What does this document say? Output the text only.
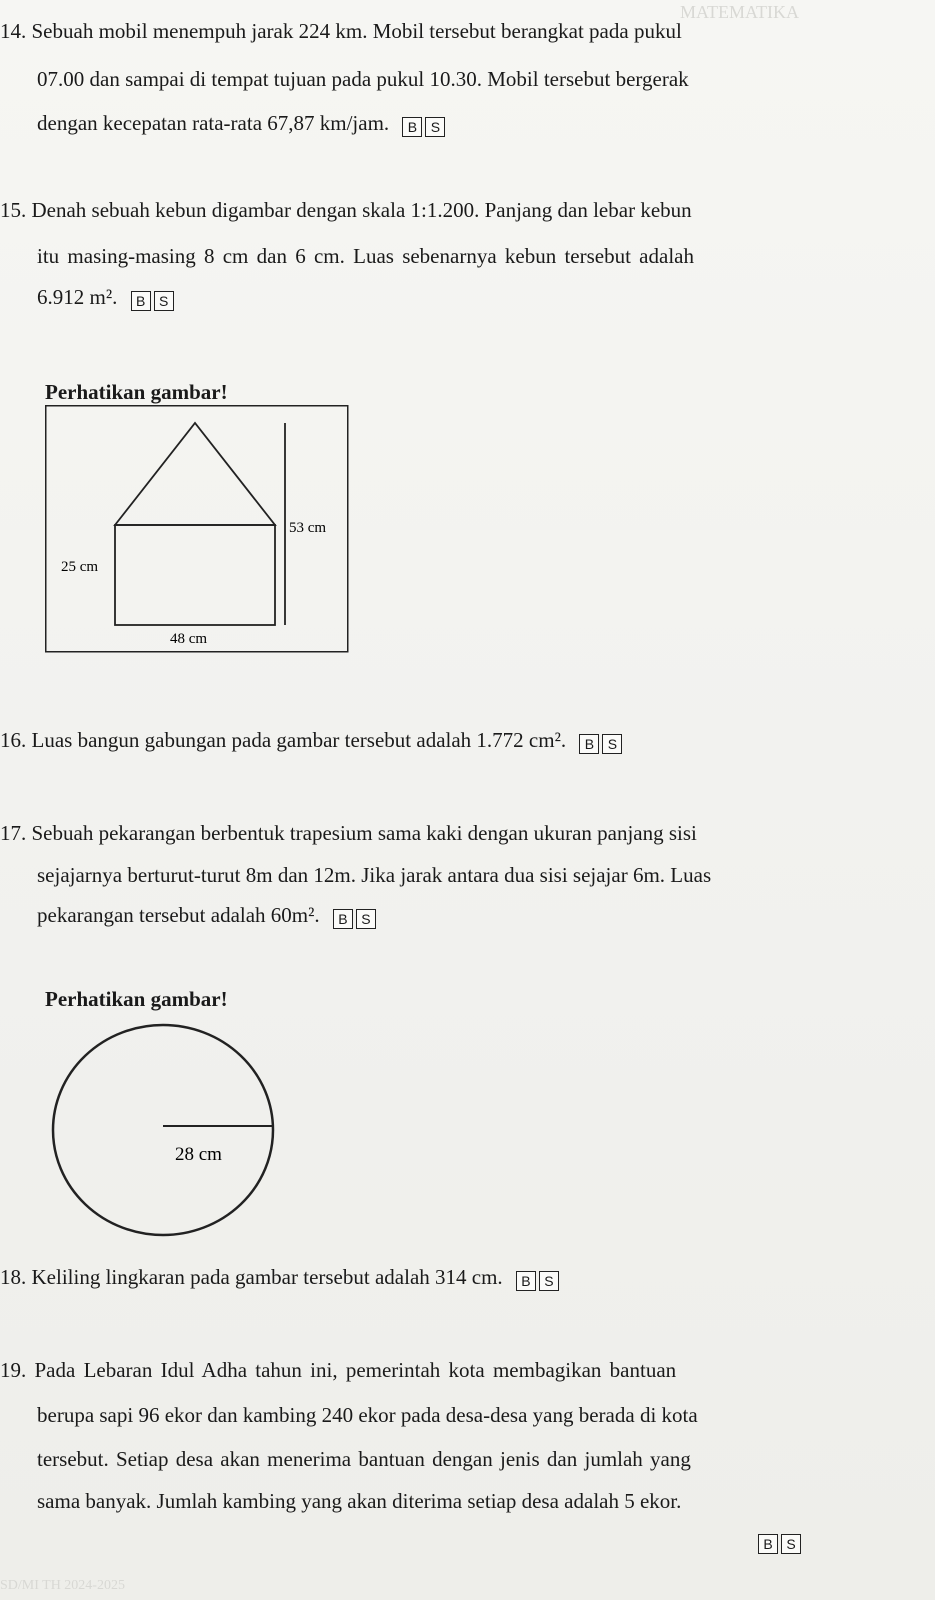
MATEMATIKA
SD/MI TH 2024-2025
14. Sebuah mobil menempuh jarak 224 km. Mobil tersebut berangkat pada pukul
07.00 dan sampai di tempat tujuan pada pukul 10.30. Mobil tersebut bergerak
dengan kecepatan rata-rata 67,87 km/jam. B S
15. Denah sebuah kebun digambar dengan skala 1:1.200. Panjang dan lebar kebun
itu masing-masing 8 cm dan 6 cm. Luas sebenarnya kebun tersebut adalah
6.912 m². B S
Perhatikan gambar!
53 cm
25 cm
48 cm
16. Luas bangun gabungan pada gambar tersebut adalah 1.772 cm². B S
17. Sebuah pekarangan berbentuk trapesium sama kaki dengan ukuran panjang sisi
sejajarnya berturut-turut 8m dan 12m. Jika jarak antara dua sisi sejajar 6m. Luas
pekarangan tersebut adalah 60m². B S
Perhatikan gambar!
28 cm
18. Keliling lingkaran pada gambar tersebut adalah 314 cm. B S
19. Pada Lebaran Idul Adha tahun ini, pemerintah kota membagikan bantuan
berupa sapi 96 ekor dan kambing 240 ekor pada desa-desa yang berada di kota
tersebut. Setiap desa akan menerima bantuan dengan jenis dan jumlah yang
sama banyak. Jumlah kambing yang akan diterima setiap desa adalah 5 ekor.
B S
